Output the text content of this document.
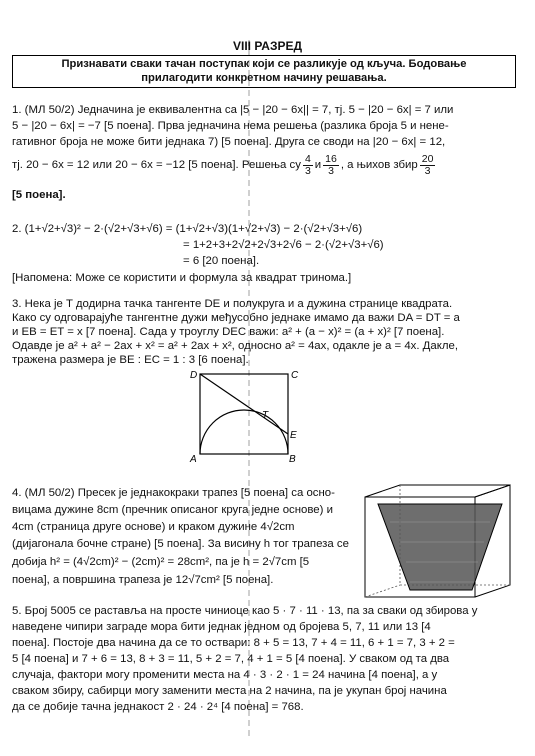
VIII РАЗРЕД
Признавати сваки тачан поступак који се разликује од кључа. Бодовање
прилагодити конкретном начину решавања.
1. (МЛ 50/2) Једначина је еквивалентна са |5 − |20 − 6x|| = 7, тј. 5 − |20 − 6x| = 7 или
5 − |20 − 6x| = −7 [5 поена]. Прва једначина нема решења (разлика броја 5 и нене-
гативног броја не може бити једнака 7) [5 поена]. Друга се своди на |20 − 6x| = 12,
тј. 20 − 6x = 12 или 20 − 6x = −12 [5 поена]. Решења су $\frac{4}{3}$ и $\frac{16}{3}$ , а њихов збир $\frac{20}{3}$
[5 поена].
2. (1+√2+√3)² − 2·(√2+√3+√6) = (1+√2+√3)(1+√2+√3) − 2·(√2+√3+√6)
= 1+2+3+2√2+2√3+2√6 − 2·(√2+√3+√6)
= 6 [20 поена].
[Напомена: Може се користити и формула за квадрат тринома.]
3. Нека је T додирна тачка тангенте DE и полукруга и a дужина странице квадрата.
Како су одговарајуће тангентне дужи међусобно једнаке имамо да важи DA = DT = a
и EB = ET = x [7 поена]. Сада у троуглу DEC важи: a² + (a − x)² = (a + x)² [7 поена].
Одавде је a² + a² − 2ax + x² = a² + 2ax + x², односно a² = 4ax, одакле је a = 4x. Дакле,
тражена размера је BE : EC = 1 : 3 [6 поена].
D	C
T
E
A	B
4. (МЛ 50/2) Пресек је једнакокраки трапез [5 поена] са осно-
вицама дужине 8cm (пречник описаног круга једне основе) и
4cm (страница друге основе) и краком дужине 4√2cm
(дијагонала бочне стране) [5 поена]. За висину h тог трапеза се
добија h² = (4√2cm)² − (2cm)² = 28cm², па је h = 2√7cm [5
поена], а површина трапеза је 12√7cm² [5 поена].
5. Број 5005 се раставља на просте чиниоце као 5 · 7 · 11 · 13, па за сваки од збирова у
наведене чипири заграде мора бити једнак једном од бројева 5, 7, 11 или 13 [4
поена]. Постоје два начина да се то оствари: 8 + 5 = 13, 7 + 4 = 11, 6 + 1 = 7, 3 + 2 =
5 [4 поена] и 7 + 6 = 13, 8 + 3 = 11, 5 + 2 = 7, 4 + 1 = 5 [4 поена]. У сваком од та два
случаја, фактори могу променити места на 4 · 3 · 2 · 1 = 24 начина [4 поена], а у
сваком збиру, сабирци могу заменити места на 2 начина, па је укупан број начина
да се добије тачна једнакост 2 · 24 · 2⁴ [4 поена] = 768.
